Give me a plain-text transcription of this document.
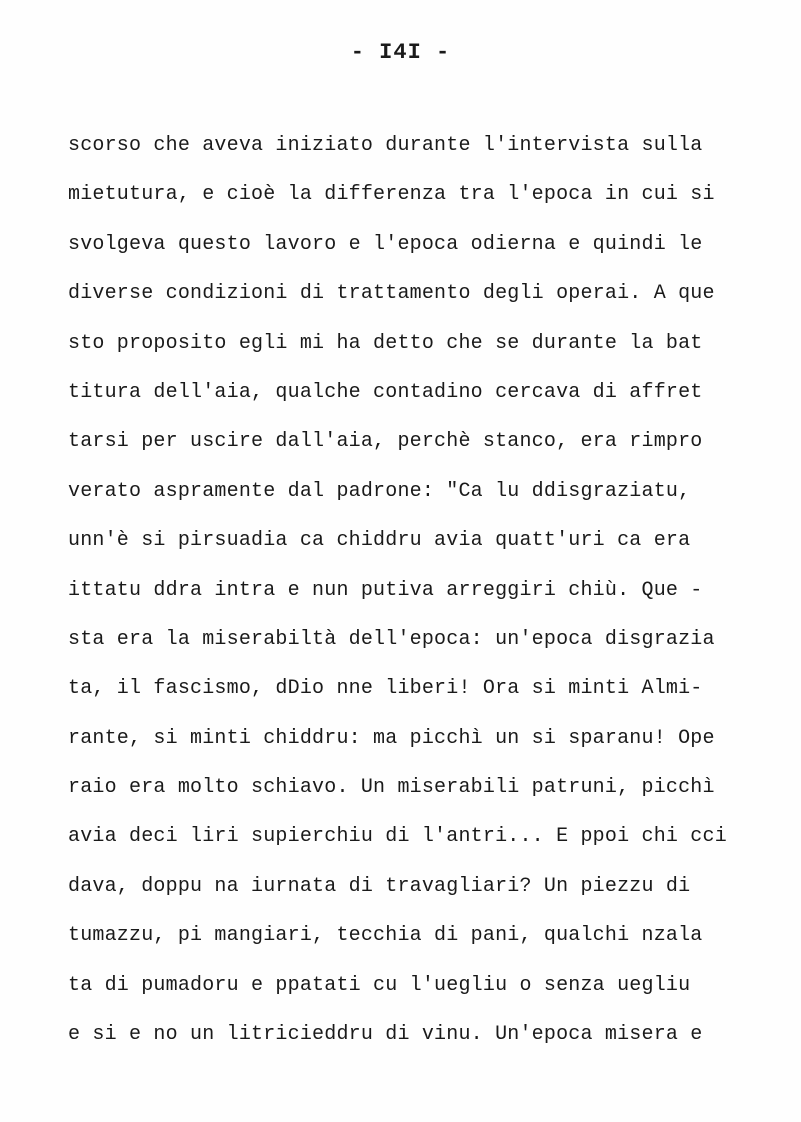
- I4I -
scorso che aveva iniziato durante l'intervista sulla
mietutura, e cioè la differenza tra l'epoca in cui si
svolgeva questo lavoro e l'epoca odierna e quindi le
diverse condizioni di trattamento degli operai. A que
sto proposito egli mi ha detto che se durante la bat
titura dell'aia, qualche contadino cercava di affret
tarsi per uscire dall'aia, perchè stanco, era rimpro
verato aspramente dal padrone: "Ca lu ddisgraziatu,
unn'è si pirsuadia ca chiddru avia quatt'uri ca era
ittatu ddra intra e nun putiva arreggiri chiù. Que -
sta era la miserabiltà dell'epoca: un'epoca disgrazia
ta, il fascismo, dDio nne liberi! Ora si minti Almi-
rante, si minti chiddru: ma picchì un si sparanu! Ope
raio era molto schiavo. Un miserabili patruni, picchì
avia deci liri supierchiu di l'antri... E ppoi chi cci
dava, doppu na iurnata di travagliari? Un piezzu di
tumazzu, pi mangiari, tecchia di pani, qualchi nzala
ta di pumadoru e ppatati cu l'uegliu o senza uegliu
e si e no un litricieddru di vinu. Un'epoca misera e
